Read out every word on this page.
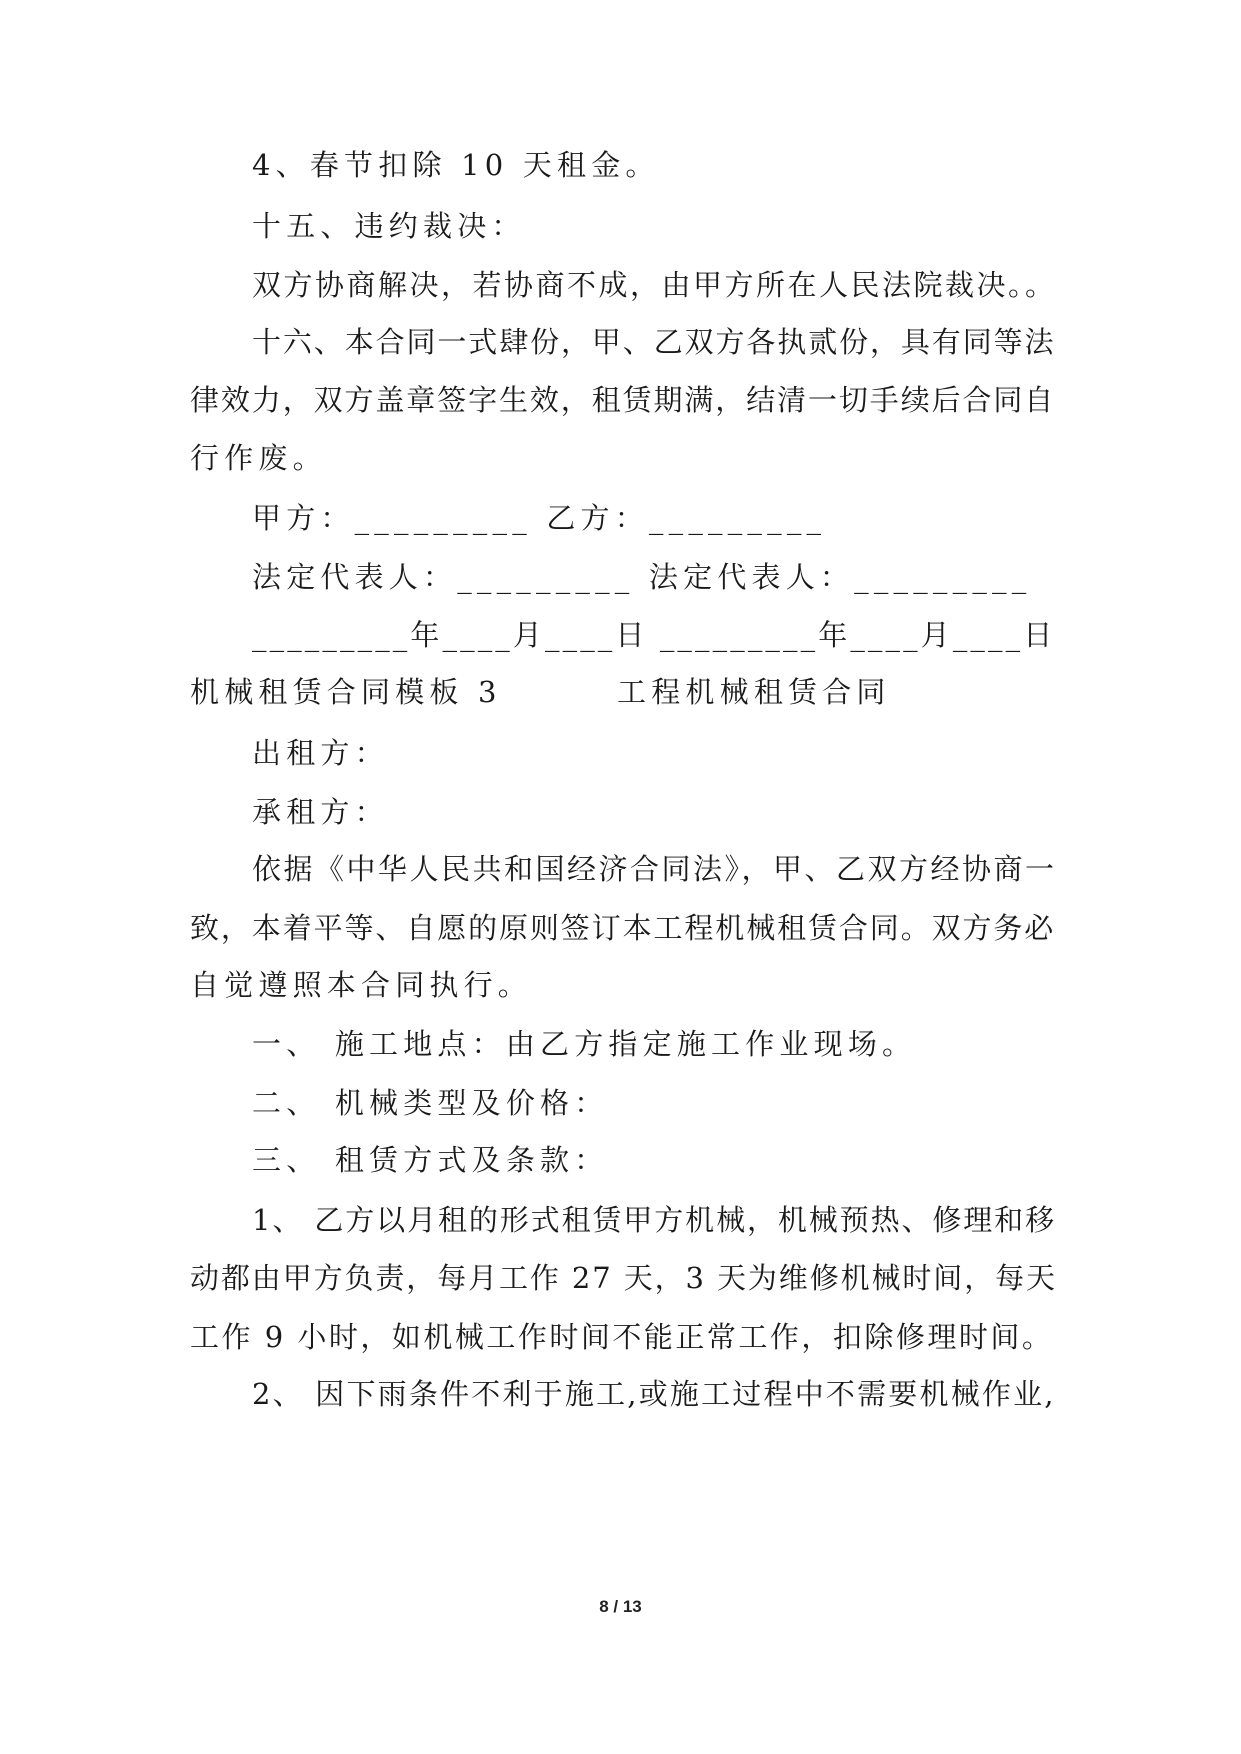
4、春节扣除 10 天租金。
十五、违约裁决：
双方协商解决，若协商不成，由甲方所在人民法院裁决。。
十六、本合同一式肆份，甲、乙双方各执贰份，具有同等法
律效力，双方盖章签字生效，租赁期满，结清一切手续后合同自
行作废。
甲方：_________ 乙方：_________
法定代表人：_________ 法定代表人：_________
_________年____月____日 _________年____月____日
机械租赁合同模板 3        工程机械租赁合同
出租方：
承租方：
依据《中华人民共和国经济合同法》，甲、乙双方经协商一
致，本着平等、自愿的原则签订本工程机械租赁合同。双方务必
自觉遵照本合同执行。
一、 施工地点：由乙方指定施工作业现场。
二、 机械类型及价格：
三、 租赁方式及条款：
1、 乙方以月租的形式租赁甲方机械，机械预热、修理和移
动都由甲方负责，每月工作 27 天，3 天为维修机械时间，每天
工作 9 小时，如机械工作时间不能正常工作，扣除修理时间。
2、 因下雨条件不利于施工,或施工过程中不需要机械作业,
8 / 13
